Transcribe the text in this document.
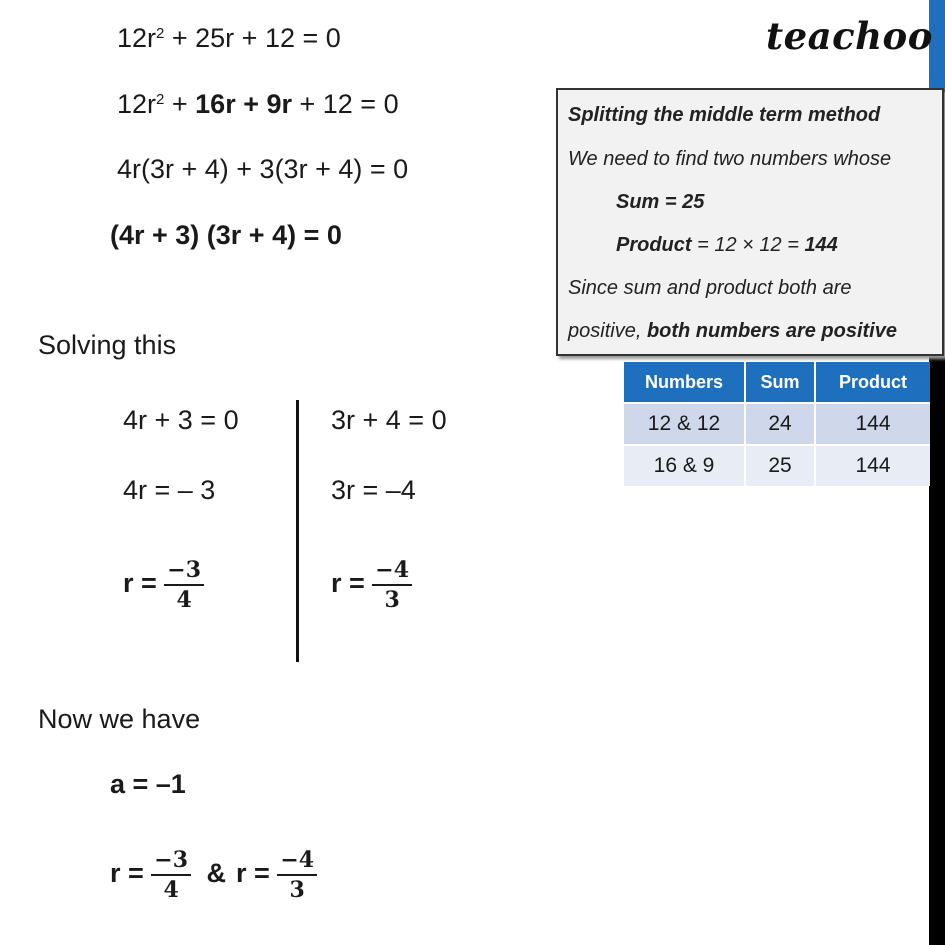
teachoo
$12r^2 + 25r + 12 = 0$
$12r^2 + 16r + 9r + 12 = 0$
4r(3r + 4) + 3(3r + 4) = 0
(4r + 3) (3r + 4) = 0
Solving this
4r + 3 = 0
4r = – 3
$r = \frac{-3}{4}$
3r + 4 = 0
3r = –4
$r = \frac{-4}{3}$
Now we have
a = –1
$r = \frac{-3}{4}$ & $r = \frac{-4}{3}$
Splitting the middle term method
We need to find two numbers whose
Sum = 25
Product = 12 × 12 = 144
Since sum and product both are
positive, both numbers are positive
Numbers	Sum	Product
12 & 12	24	144
16 & 9	25	144
